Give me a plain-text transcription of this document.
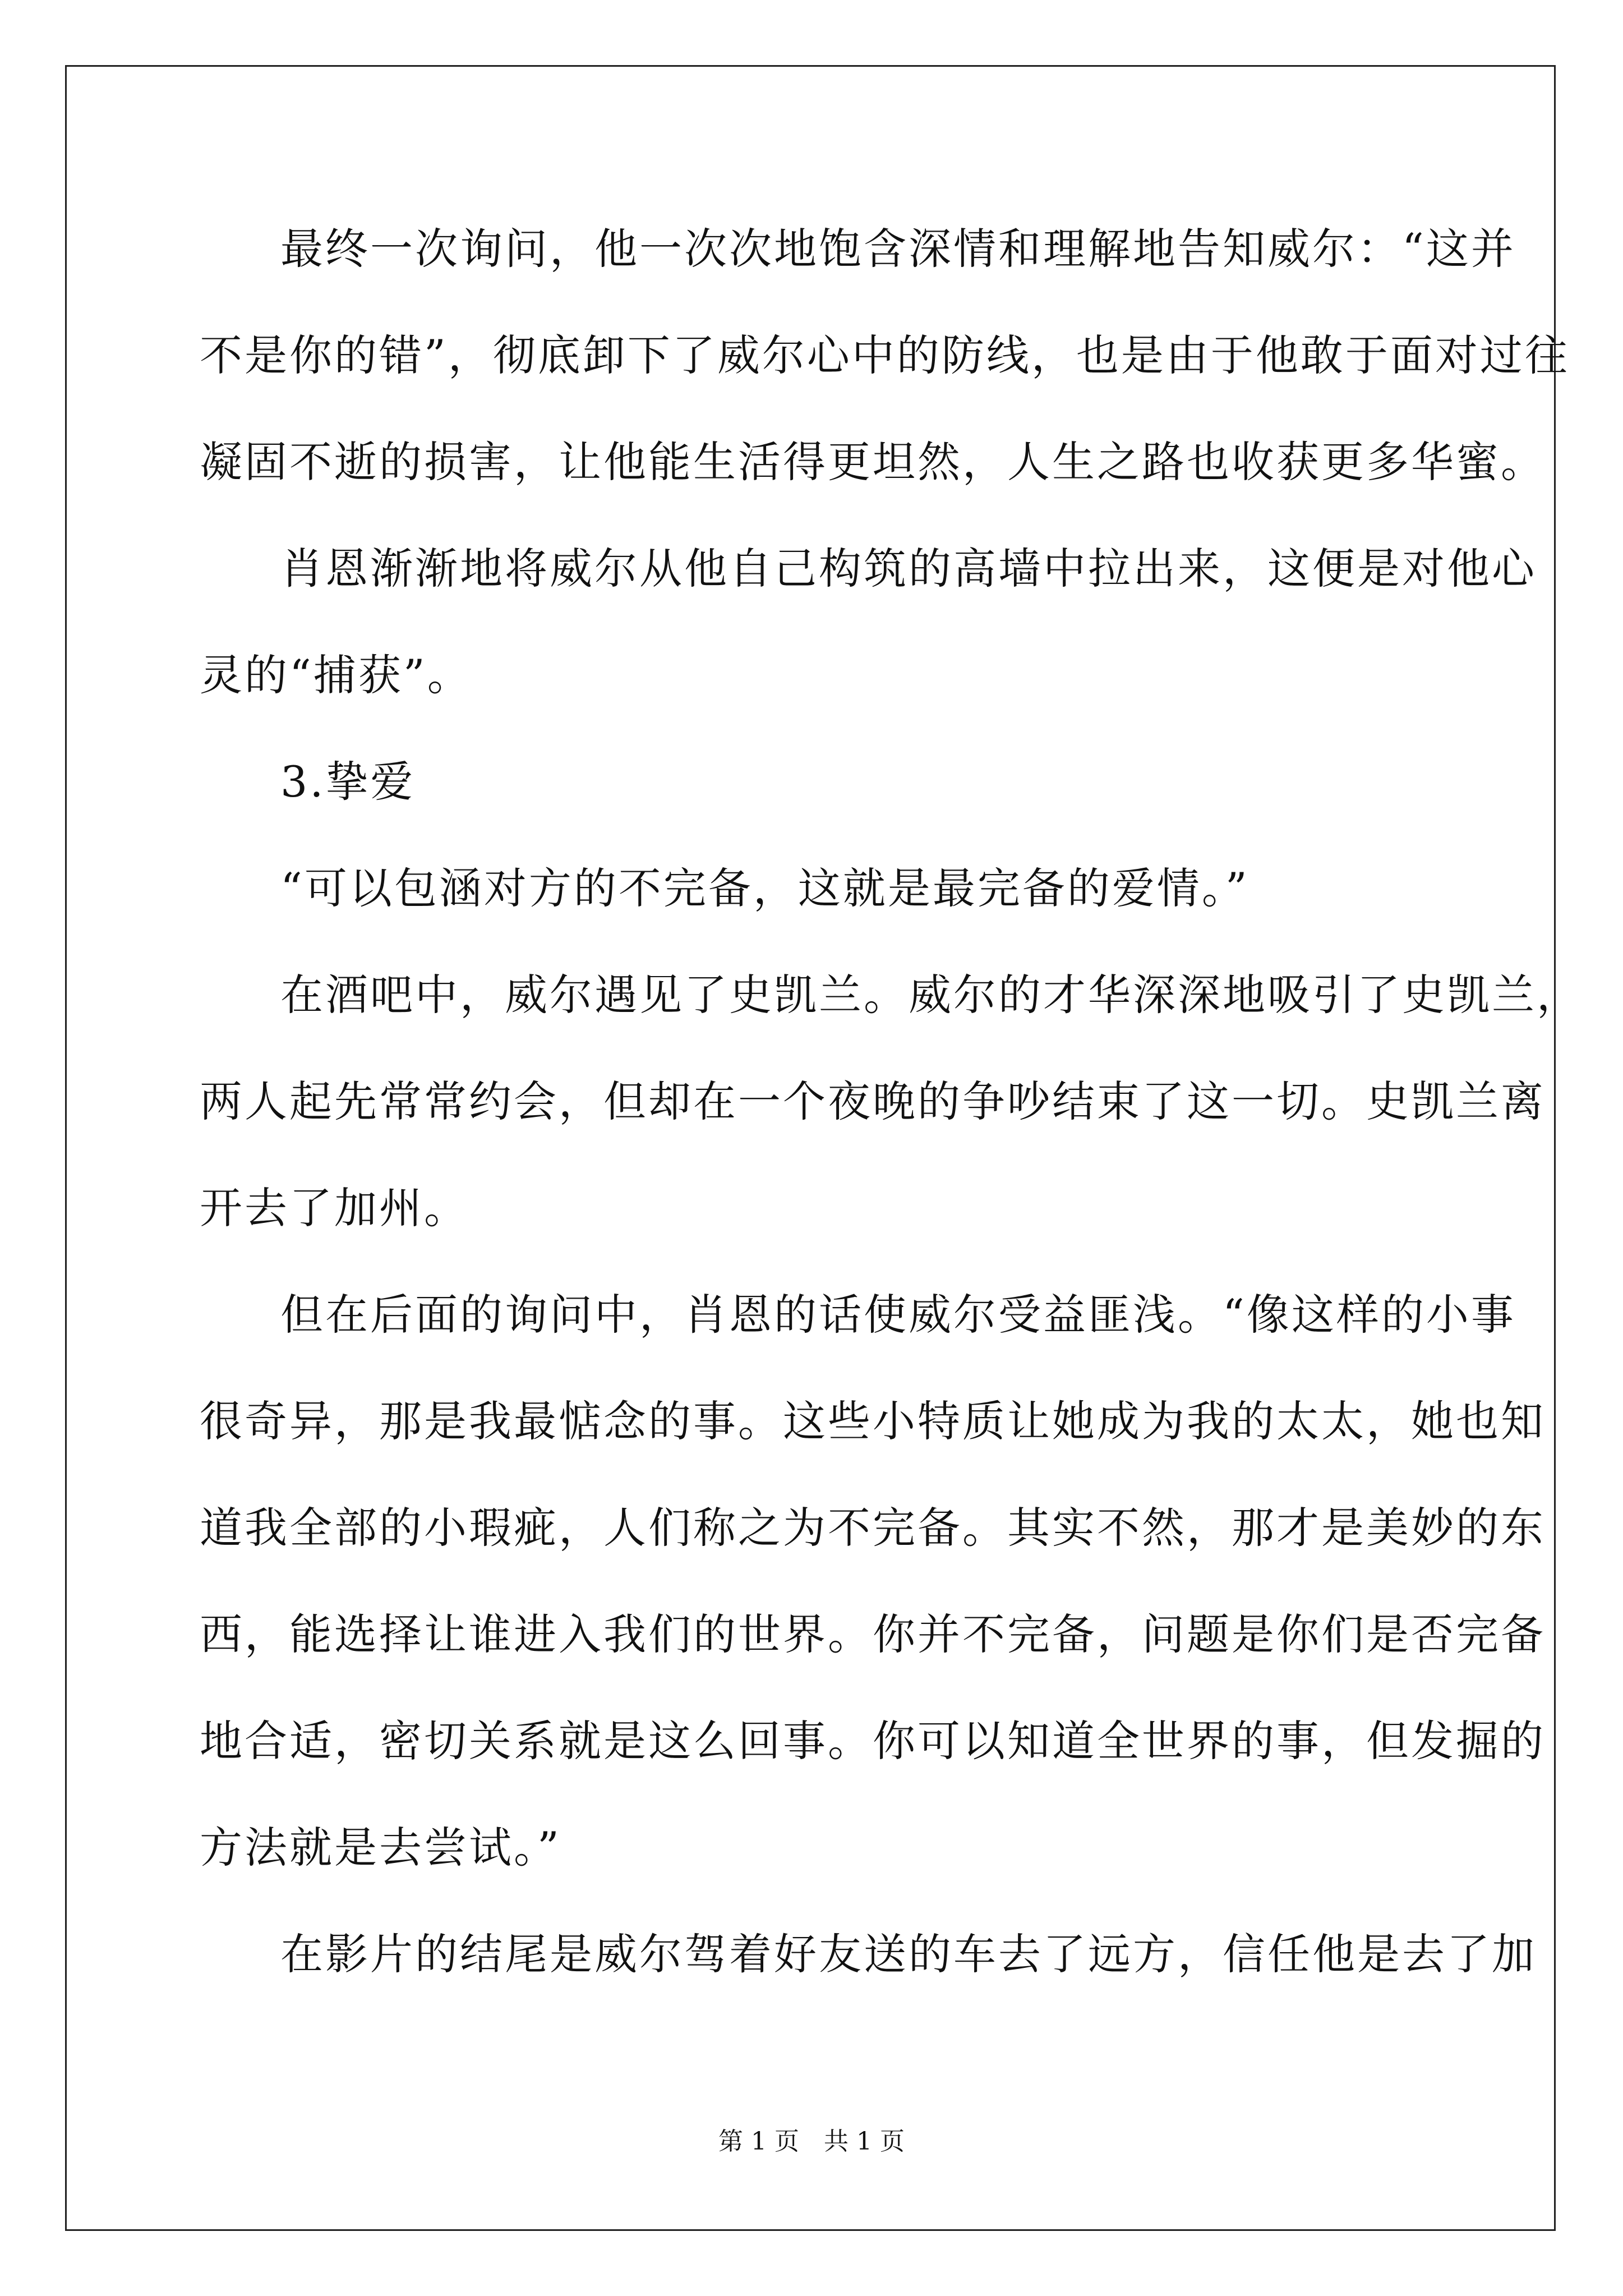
最终一次询问，他一次次地饱含深情和理解地告知威尔：“这并
不是你的错”，彻底卸下了威尔心中的防线，也是由于他敢于面对过往
凝固不逝的损害，让他能生活得更坦然，人生之路也收获更多华蜜。
肖恩渐渐地将威尔从他自己构筑的高墙中拉出来，这便是对他心
灵的“捕获”。
3.挚爱
“可以包涵对方的不完备，这就是最完备的爱情。”
在酒吧中，威尔遇见了史凯兰。威尔的才华深深地吸引了史凯兰，
两人起先常常约会，但却在一个夜晚的争吵结束了这一切。史凯兰离
开去了加州。
但在后面的询问中，肖恩的话使威尔受益匪浅。“像这样的小事
很奇异，那是我最惦念的事。这些小特质让她成为我的太太，她也知
道我全部的小瑕疵，人们称之为不完备。其实不然，那才是美妙的东
西，能选择让谁进入我们的世界。你并不完备，问题是你们是否完备
地合适，密切关系就是这么回事。你可以知道全世界的事，但发掘的
方法就是去尝试。”
在影片的结尾是威尔驾着好友送的车去了远方，信任他是去了加
第 1 页　共 1 页
